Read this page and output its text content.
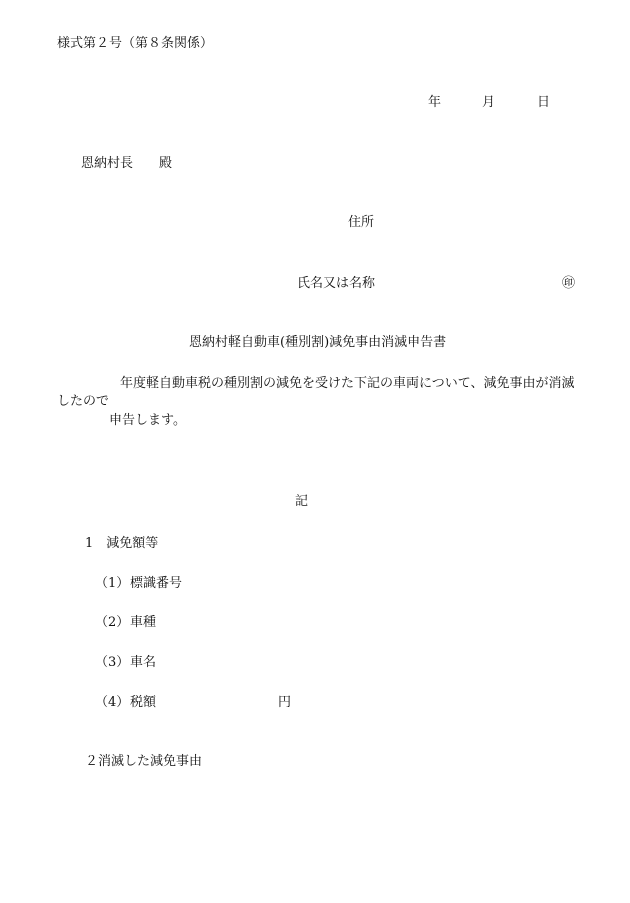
様式第２号（第８条関係）
年	月	日
恩納村長　　殿
住所
氏名又は名称	㊞
恩納村軽自動車(種別割)減免事由消滅申告書
年度軽自動車税の種別割の減免を受けた下記の車両について、減免事由が消滅
したので
申告します。
記
1　減免額等
（1）標識番号
（2）車種
（3）車名
（4）税額	円
２消滅した減免事由
